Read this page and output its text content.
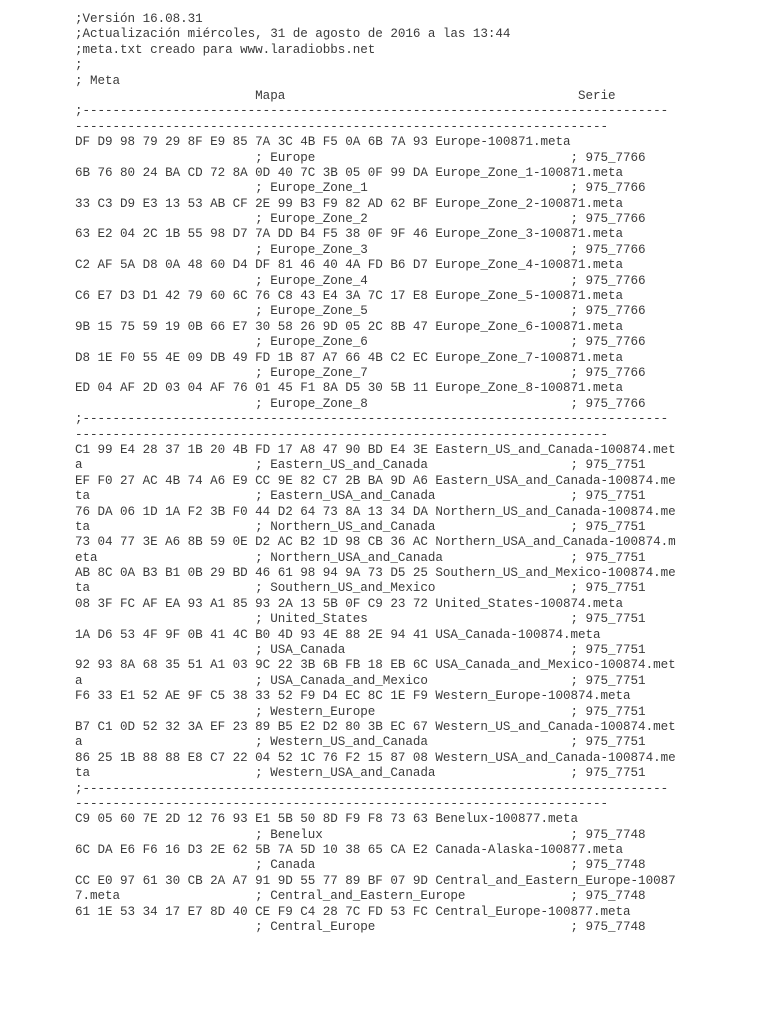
;Versión 16.08.31
;Actualización miércoles, 31 de agosto de 2016 a las 13:44
;meta.txt creado para www.laradiobbs.net
;
; Meta
Mapa                                       Serie
;------------------------------------------------------------------------------
-----------------------------------------------------------------------
DF D9 98 79 29 8F E9 85 7A 3C 4B F5 0A 6B 7A 93 Europe-100871.meta
; Europe                                  ; 975_7766
6B 76 80 24 BA CD 72 8A 0D 40 7C 3B 05 0F 99 DA Europe_Zone_1-100871.meta
; Europe_Zone_1                           ; 975_7766
33 C3 D9 E3 13 53 AB CF 2E 99 B3 F9 82 AD 62 BF Europe_Zone_2-100871.meta
; Europe_Zone_2                           ; 975_7766
63 E2 04 2C 1B 55 98 D7 7A DD B4 F5 38 0F 9F 46 Europe_Zone_3-100871.meta
; Europe_Zone_3                           ; 975_7766
C2 AF 5A D8 0A 48 60 D4 DF 81 46 40 4A FD B6 D7 Europe_Zone_4-100871.meta
; Europe_Zone_4                           ; 975_7766
C6 E7 D3 D1 42 79 60 6C 76 C8 43 E4 3A 7C 17 E8 Europe_Zone_5-100871.meta
; Europe_Zone_5                           ; 975_7766
9B 15 75 59 19 0B 66 E7 30 58 26 9D 05 2C 8B 47 Europe_Zone_6-100871.meta
; Europe_Zone_6                           ; 975_7766
D8 1E F0 55 4E 09 DB 49 FD 1B 87 A7 66 4B C2 EC Europe_Zone_7-100871.meta
; Europe_Zone_7                           ; 975_7766
ED 04 AF 2D 03 04 AF 76 01 45 F1 8A D5 30 5B 11 Europe_Zone_8-100871.meta
; Europe_Zone_8                           ; 975_7766
;------------------------------------------------------------------------------
-----------------------------------------------------------------------
C1 99 E4 28 37 1B 20 4B FD 17 A8 47 90 BD E4 3E Eastern_US_and_Canada-100874.met
a                       ; Eastern_US_and_Canada                   ; 975_7751
EF F0 27 AC 4B 74 A6 E9 CC 9E 82 C7 2B BA 9D A6 Eastern_USA_and_Canada-100874.me
ta                      ; Eastern_USA_and_Canada                  ; 975_7751
76 DA 06 1D 1A F2 3B F0 44 D2 64 73 8A 13 34 DA Northern_US_and_Canada-100874.me
ta                      ; Northern_US_and_Canada                  ; 975_7751
73 04 77 3E A6 8B 59 0E D2 AC B2 1D 98 CB 36 AC Northern_USA_and_Canada-100874.m
eta                     ; Northern_USA_and_Canada                 ; 975_7751
AB 8C 0A B3 B1 0B 29 BD 46 61 98 94 9A 73 D5 25 Southern_US_and_Mexico-100874.me
ta                      ; Southern_US_and_Mexico                  ; 975_7751
08 3F FC AF EA 93 A1 85 93 2A 13 5B 0F C9 23 72 United_States-100874.meta
; United_States                           ; 975_7751
1A D6 53 4F 9F 0B 41 4C B0 4D 93 4E 88 2E 94 41 USA_Canada-100874.meta
; USA_Canada                              ; 975_7751
92 93 8A 68 35 51 A1 03 9C 22 3B 6B FB 18 EB 6C USA_Canada_and_Mexico-100874.met
a                       ; USA_Canada_and_Mexico                   ; 975_7751
F6 33 E1 52 AE 9F C5 38 33 52 F9 D4 EC 8C 1E F9 Western_Europe-100874.meta
; Western_Europe                          ; 975_7751
B7 C1 0D 52 32 3A EF 23 89 B5 E2 D2 80 3B EC 67 Western_US_and_Canada-100874.met
a                       ; Western_US_and_Canada                   ; 975_7751
86 25 1B 88 88 E8 C7 22 04 52 1C 76 F2 15 87 08 Western_USA_and_Canada-100874.me
ta                      ; Western_USA_and_Canada                  ; 975_7751
;------------------------------------------------------------------------------
-----------------------------------------------------------------------
C9 05 60 7E 2D 12 76 93 E1 5B 50 8D F9 F8 73 63 Benelux-100877.meta
; Benelux                                 ; 975_7748
6C DA E6 F6 16 D3 2E 62 5B 7A 5D 10 38 65 CA E2 Canada-Alaska-100877.meta
; Canada                                  ; 975_7748
CC E0 97 61 30 CB 2A A7 91 9D 55 77 89 BF 07 9D Central_and_Eastern_Europe-10087
7.meta                  ; Central_and_Eastern_Europe              ; 975_7748
61 1E 53 34 17 E7 8D 40 CE F9 C4 28 7C FD 53 FC Central_Europe-100877.meta
; Central_Europe                          ; 975_7748
